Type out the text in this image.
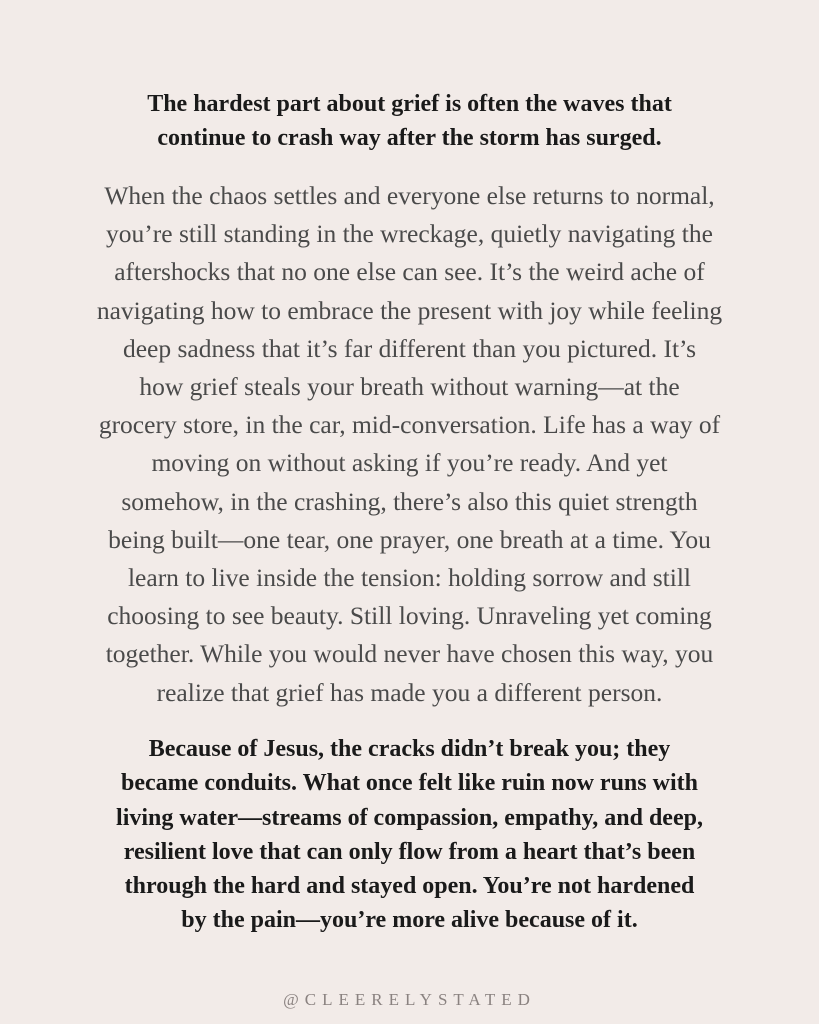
The hardest part about grief is often the waves that
continue to crash way after the storm has surged.
When the chaos settles and everyone else returns to normal,
you’re still standing in the wreckage, quietly navigating the
aftershocks that no one else can see. It’s the weird ache of
navigating how to embrace the present with joy while feeling
deep sadness that it’s far different than you pictured. It’s
how grief steals your breath without warning—at the
grocery store, in the car, mid-conversation. Life has a way of
moving on without asking if you’re ready. And yet
somehow, in the crashing, there’s also this quiet strength
being built—one tear, one prayer, one breath at a time. You
learn to live inside the tension: holding sorrow and still
choosing to see beauty. Still loving. Unraveling yet coming
together. While you would never have chosen this way, you
realize that grief has made you a different person.
Because of Jesus, the cracks didn’t break you; they
became conduits. What once felt like ruin now runs with
living water—streams of compassion, empathy, and deep,
resilient love that can only flow from a heart that’s been
through the hard and stayed open. You’re not hardened
by the pain—you’re more alive because of it.
@CLEERELYSTATED
